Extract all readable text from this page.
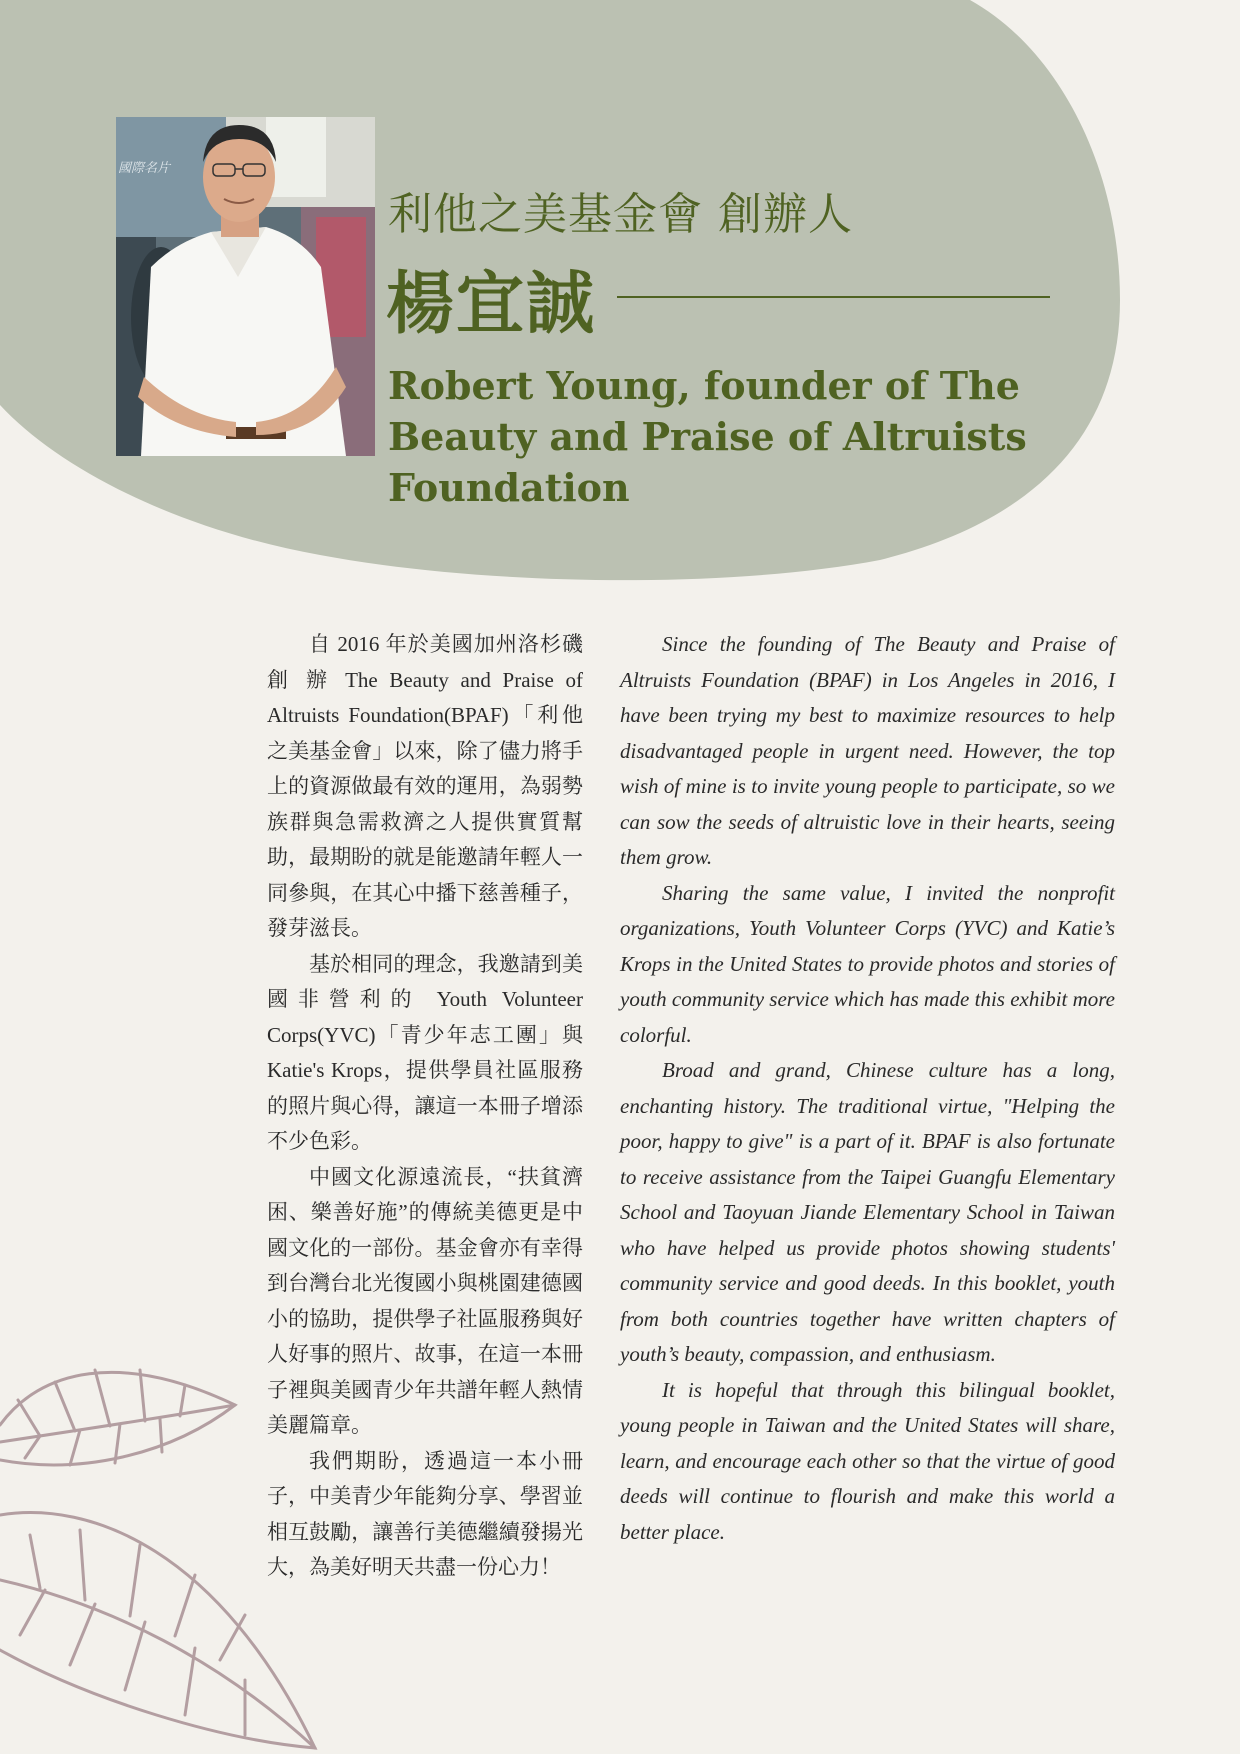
國際名片
利他之美基金會 創辦人
楊宜誠
Robert Young, founder of The Beauty and Praise of Altruists Foundation

自 2016 年於美國加州洛杉磯創 辦 The Beauty and Praise of Altruists Foundation(BPAF)「利他之美基金會」以來，除了儘力將手上的資源做最有效的運用，為弱勢族群與急需救濟之人提供實質幫助，最期盼的就是能邀請年輕人一同參與，在其心中播下慈善種子，發芽滋長。

基於相同的理念，我邀請到美國非營利的 Youth Volunteer Corps(YVC)「青少年志工團」與 Katie's Krops，提供學員社區服務的照片與心得，讓這一本冊子增添不少色彩。

中國文化源遠流長，“扶貧濟困、樂善好施”的傳統美德更是中國文化的一部份。基金會亦有幸得到台灣台北光復國小與桃園建德國小的協助，提供學子社區服務與好人好事的照片、故事，在這一本冊子裡與美國青少年共譜年輕人熱情美麗篇章。

我們期盼，透過這一本小冊子，中美青少年能夠分享、學習並相互鼓勵，讓善行美德繼續發揚光大，為美好明天共盡一份心力！

Since the founding of The Beauty and Praise of Altruists Foundation (BPAF) in Los Angeles in 2016, I have been trying my best to maximize resources to help disadvantaged people in urgent need. However, the top wish of mine is to invite young people to participate, so we can sow the seeds of altruistic love in their hearts, seeing them grow.

Sharing the same value, I invited the nonprofit organizations, Youth Volunteer Corps (YVC) and Katie’s Krops in the United States to provide photos and stories of youth community service which has made this exhibit more colorful.

Broad and grand, Chinese culture has a long, enchanting history. The traditional virtue, "Helping the poor, happy to give" is a part of it. BPAF is also fortunate to receive assistance from the Taipei Guangfu Elementary School and Taoyuan Jiande Elementary School in Taiwan who have helped us provide photos showing students' community service and good deeds. In this booklet, youth from both countries together have written chapters of youth’s beauty, compassion, and enthusiasm.

It is hopeful that through this bilingual booklet, young people in Taiwan and the United States will share, learn, and encourage each other so that the virtue of good deeds will continue to flourish and make this world a better place.
